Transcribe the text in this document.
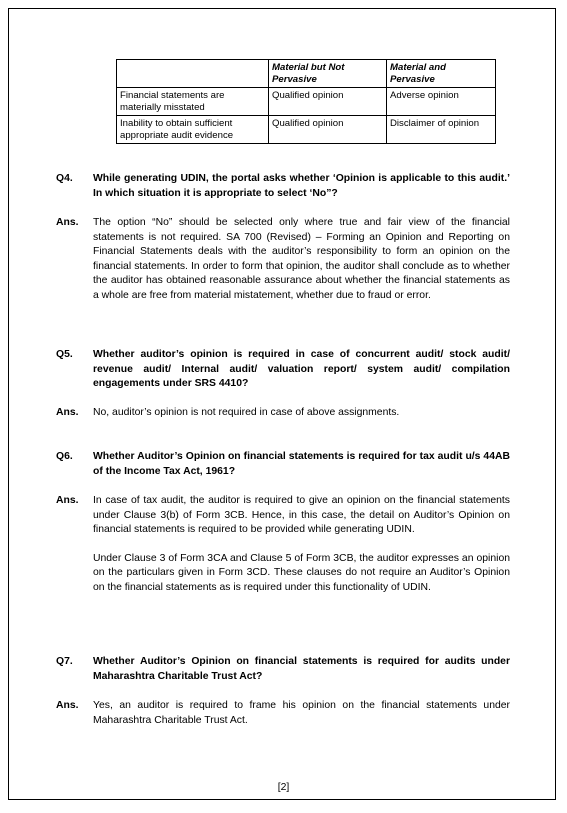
	Material but Not Pervasive	Material and Pervasive
Financial statements are materially misstated	Qualified opinion	Adverse opinion
Inability to obtain sufficient appropriate audit evidence	Qualified opinion	Disclaimer of opinion
Q4. While generating UDIN, the portal asks whether ‘Opinion is applicable to this audit.’ In which situation it is appropriate to select ‘No”?
Ans. The option “No” should be selected only where true and fair view of the financial statements is not required. SA 700 (Revised) – Forming an Opinion and Reporting on Financial Statements deals with the auditor’s responsibility to form an opinion on the financial statements. In order to form that opinion, the auditor shall conclude as to whether the auditor has obtained reasonable assurance about whether the financial statements as a whole are free from material mistatement, whether due to fraud or error.

Q5. Whether auditor’s opinion is required in case of concurrent audit/ stock audit/ revenue audit/ Internal audit/ valuation report/ system audit/ compilation engagements under SRS 4410?
Ans. No, auditor’s opinion is not required in case of above assignments.

Q6. Whether Auditor’s Opinion on financial statements is required for tax audit u/s 44AB of the Income Tax Act, 1961?
Ans. In case of tax audit, the auditor is required to give an opinion on the financial statements under Clause 3(b) of Form 3CB. Hence, in this case, the detail on Auditor’s Opinion on financial statements is required to be provided while generating UDIN.

Under Clause 3 of Form 3CA and Clause 5 of Form 3CB, the auditor expresses an opinion on the particulars given in Form 3CD. These clauses do not require an Auditor’s Opinion on the financial statements as is required under this functionality of UDIN.

Q7. Whether Auditor’s Opinion on financial statements is required for audits under Maharashtra Charitable Trust Act?
Ans. Yes, an auditor is required to frame his opinion on the financial statements under Maharashtra Charitable Trust Act.

[2]
